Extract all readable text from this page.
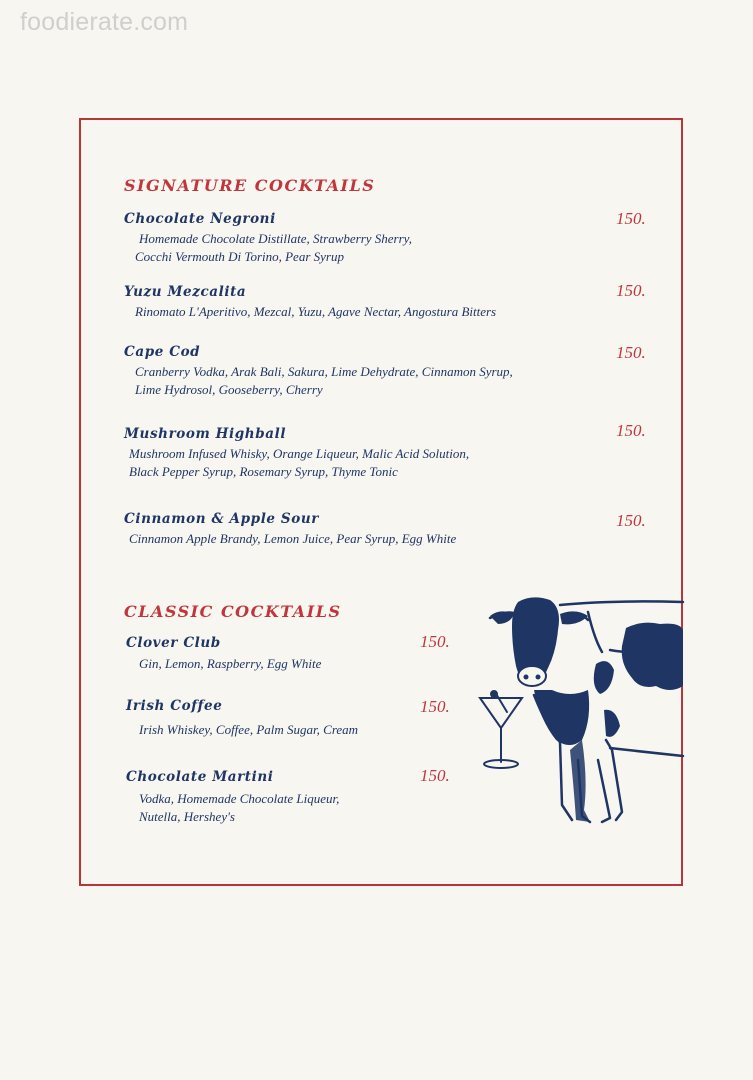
foodierate.com
SIGNATURE COCKTAILS

Chocolate Negroni	150.

Homemade Chocolate Distillate, Strawberry Sherry,

Cocchi Vermouth Di Torino, Pear Syrup

Yuzu Mezcalita	150.

Rinomato L'Aperitivo, Mezcal, Yuzu, Agave Nectar, Angostura Bitters

Cape Cod	150.

Cranberry Vodka, Arak Bali, Sakura, Lime Dehydrate, Cinnamon Syrup,

Lime Hydrosol, Gooseberry, Cherry

Mushroom Highball	150.

Mushroom Infused Whisky, Orange Liqueur, Malic Acid Solution,

Black Pepper Syrup, Rosemary Syrup, Thyme Tonic

Cinnamon & Apple Sour	150.

Cinnamon Apple Brandy, Lemon Juice, Pear Syrup, Egg White

CLASSIC COCKTAILS

Clover Club	150.

Gin, Lemon, Raspberry, Egg White

Irish Coffee	150.

Irish Whiskey, Coffee, Palm Sugar, Cream

Chocolate Martini	150.

Vodka, Homemade Chocolate Liqueur,

Nutella, Hershey's
